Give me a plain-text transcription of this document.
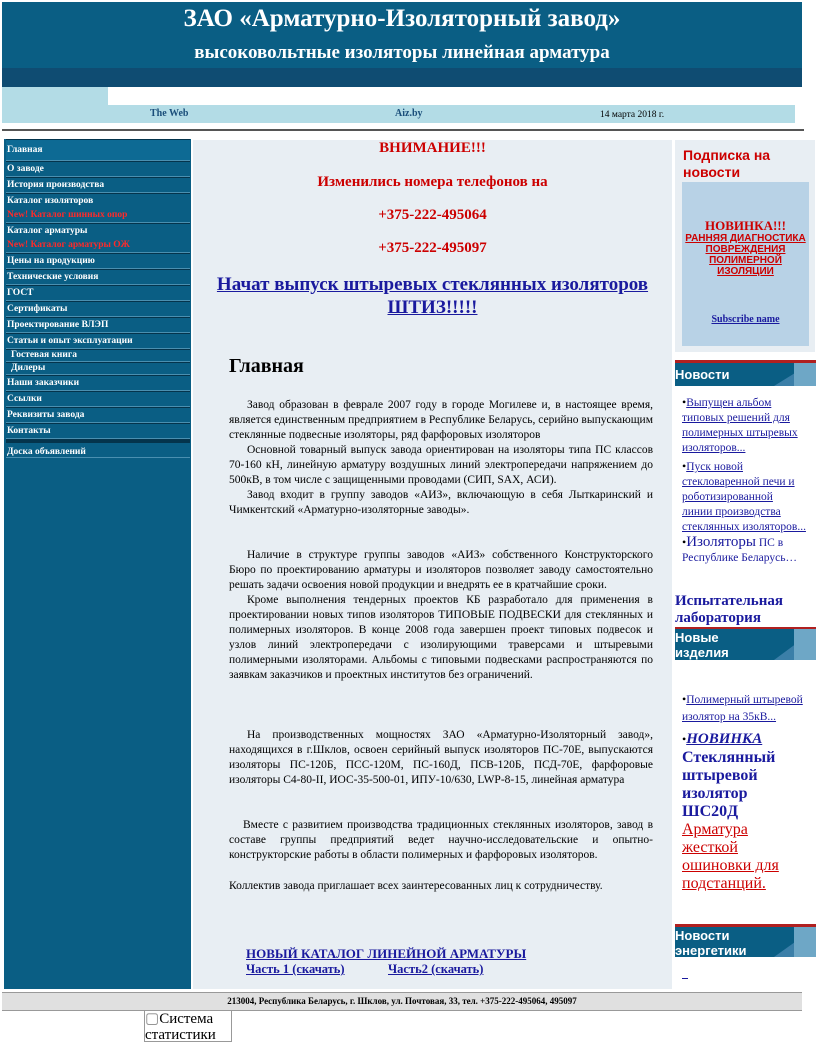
ЗАО «Арматурно-Изоляторный завод»
высоковольтные изоляторы линейная арматура
The Web	Aiz.by	14 марта 2018 г.
Главная
О заводе
История производства
Каталог изоляторов
New! Каталог шинных опор
Каталог арматуры
New! Каталог арматуры ОЖ
Цены на продукцию
Технические условия
ГОСТ
Сертификаты
Проектирование ВЛЭП
Статьи и опыт эксплуатации
Гостевая книга
Дилеры
Наши заказчики
Ссылки
Реквизиты завода
Контакты
Доска объявлений
ВНИМАНИЕ!!!
Изменились номера телефонов на
+375-222-495064
+375-222-495097
Начат выпуск штыревых стеклянных изоляторов ШТИЗ!!!!!
Главная

Завод образован в феврале 2007 году в городе Могилеве и, в настоящее время, является единственным предприятием в Республике Беларусь, серийно выпускающим стеклянные подвесные изоляторы, ряд фарфоровых изоляторов

Основной товарный выпуск завода ориентирован на изоляторы типа ПС классов 70-160 кН, линейную арматуру воздушных линий электропередачи напряжением до 500кВ, в том числе с защищенными проводами (СИП, SAX, АСИ).

Завод входит в группу заводов «АИЗ», включающую в себя Лыткаринский и Чимкентский «Арматурно-изоляторные заводы».

Наличие в структуре группы заводов «АИЗ» собственного Конструкторского Бюро по проектированию арматуры и изоляторов позволяет заводу самостоятельно решать задачи освоения новой продукции и внедрять ее в кратчайшие сроки.

Кроме выполнения тендерных проектов КБ разработало для применения в проектировании новых типов изоляторов ТИПОВЫЕ ПОДВЕСКИ для стеклянных и полимерных изоляторов. В конце 2008 года завершен проект типовых подвесок и узлов линий электропередачи с изолирующими траверсами и штыревыми полимерными изоляторами. Альбомы с типовыми подвесками распространяются по заявкам заказчиков и проектных институтов без ограничений.

На производственных мощностях ЗАО «Арматурно-Изоляторный завод», находящихся в г.Шклов, освоен серийный выпуск изоляторов ПС-70Е, выпускаются изоляторы ПС-120Б, ПСС-120М, ПС-160Д, ПСВ-120Б, ПСД-70Е, фарфоровые изоляторы С4-80-II, ИОС-35-500-01, ИПУ-10/630, LWP-8-15, линейная арматура

Вместе с развитием производства традиционных стеклянных изоляторов, завод в составе группы предприятий ведет научно-исследовательские и опытно-конструкторские работы в области полимерных и фарфоровых изоляторов.

Коллектив завода приглашает всех заинтересованных лиц к сотрудничеству.

НОВЫЙ КАТАЛОГ ЛИНЕЙНОЙ АРМАТУРЫ
Часть 1 (скачать)	Часть2 (скачать)
Подписка на новости
НОВИНКА!!!
РАННЯЯ ДИАГНОСТИКА ПОВРЕЖДЕНИЯ ПОЛИМЕРНОЙ ИЗОЛЯЦИИ
Subscribe name
Новости
•Выпущен альбом типовых решений для полимерных штыревых изоляторов...
•Пуск новой стекловаренной печи и роботизированной линии производства стеклянных изоляторов...
•Изоляторы ПС в Республике Беларусь…
Испытательная лаборатория
Новые изделия
•Полимерный штыревой изолятор на 35кВ...
•НОВИНКА
Стеклянный штыревой изолятор ШС20Д
Арматура жесткой ошиновки для подстанций.
Новости энергетики
213004, Республика Беларусь, г. Шклов, ул. Почтовая, 33, тел. +375-222-495064, 495097
▢Система статистики
